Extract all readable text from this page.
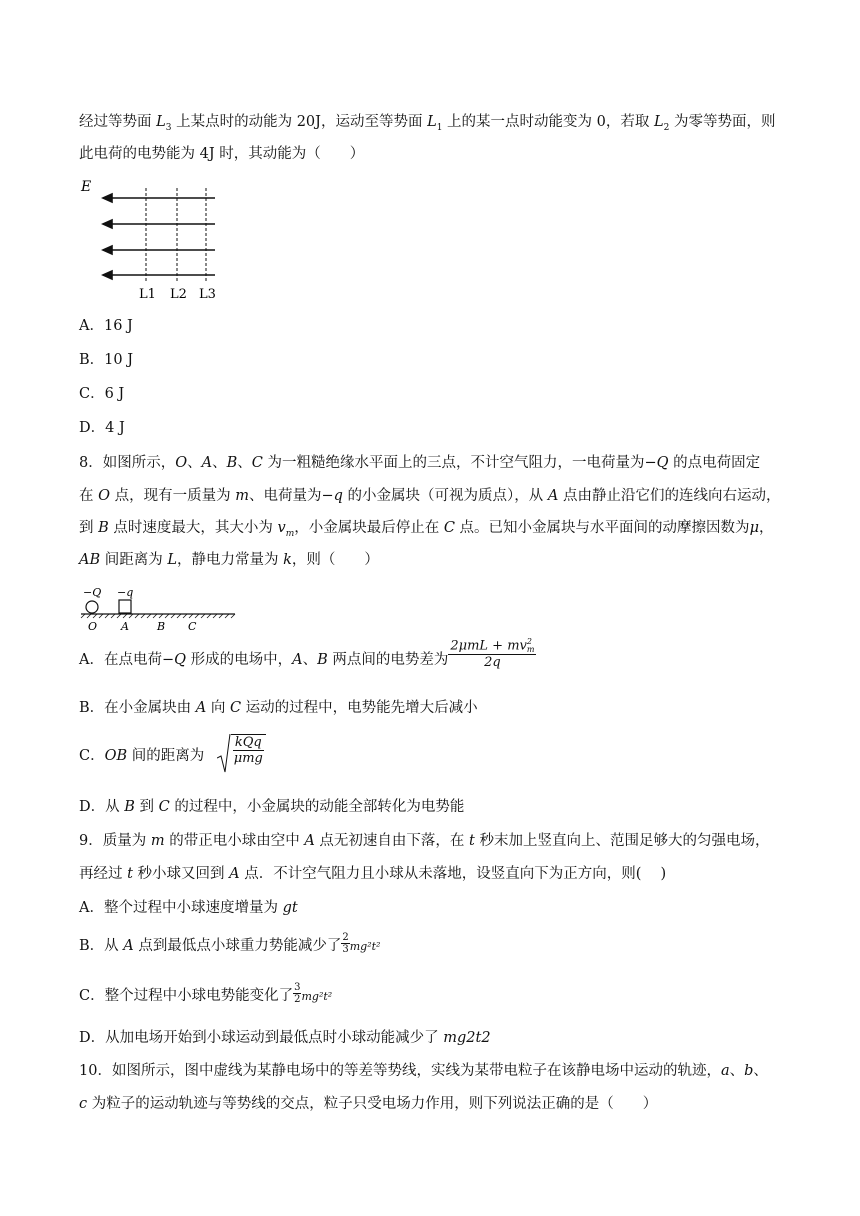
经过等势面 $L_3$ 上某点时的动能为 20J，运动至等势面 $L_1$ 上的某一点时动能变为 0，若取 $L_2$ 为零等势面，则
此电荷的电势能为 4J 时，其动能为（　　）
E
L1 L2 L3
A．16 J
B．10 J
C．6 J
D．4 J
8．如图所示，O、A、B、C 为一粗糙绝缘水平面上的三点，不计空气阻力，一电荷量为−Q 的点电荷固定
在 O 点，现有一质量为 m、电荷量为−q 的小金属块（可视为质点），从 A 点由静止沿它们的连线向右运动，
到 B 点时速度最大，其大小为 $v_m$，小金属块最后停止在 C 点。已知小金属块与水平面间的动摩擦因数为μ，
AB 间距离为 L，静电力常量为 k，则（　　）
−Q −q
O A	B C
A．在点电荷−Q 形成的电场中，A、B 两点间的电势差为 2μmL + mv 2
m
2q
B．在小金属块由 A 向 C 运动的过程中，电势能先增大后减小
C．OB 间的距离为 $\frac{\text{kQq}}{\text{μmg}}$
D．从 B 到 C 的过程中，小金属块的动能全部转化为电势能
9．质量为 m 的带正电小球由空中 A 点无初速自由下落，在 t 秒末加上竖直向上、范围足够大的匀强电场，
再经过 t 秒小球又回到 A 点．不计空气阻力且小球从未落地，设竖直向下为正方向，则(　 )
A．整个过程中小球速度增量为 gt
B．从 A 点到最低点小球重力势能减少了 $\frac{2}{3} mg^2t^2$
C．整个过程中小球电势能变化了 $\frac{3}{2} mg^2t^2$
D．从加电场开始到小球运动到最低点时小球动能减少了 mg2t2
10．如图所示，图中虚线为某静电场中的等差等势线，实线为某带电粒子在该静电场中运动的轨迹，a、b、
c 为粒子的运动轨迹与等势线的交点，粒子只受电场力作用，则下列说法正确的是（　　）
